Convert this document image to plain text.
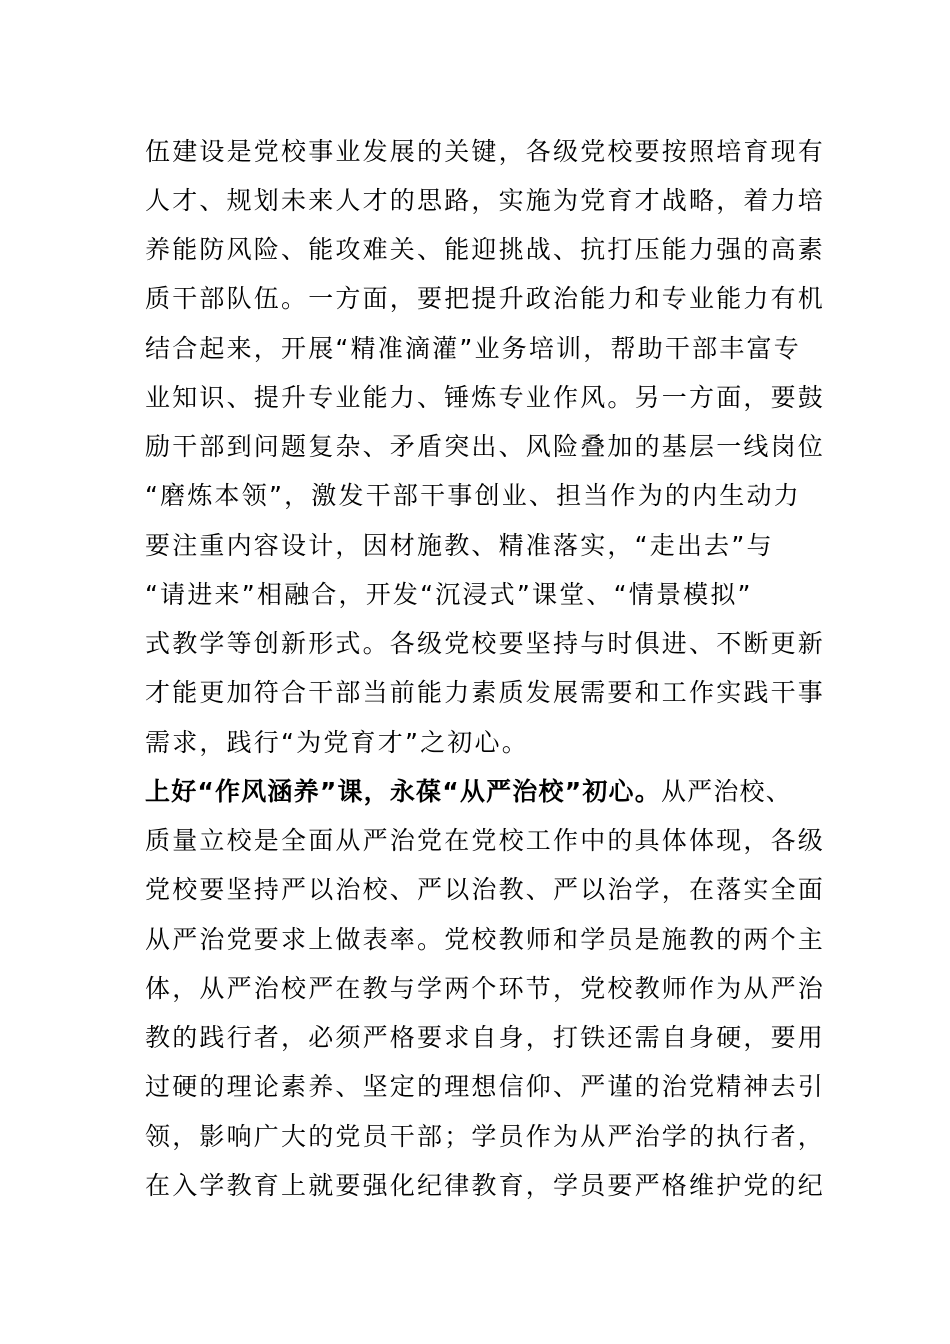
伍建设是党校事业发展的关键，各级党校要按照培育现有
人才、规划未来人才的思路，实施为党育才战略，着力培
养能防风险、能攻难关、能迎挑战、抗打压能力强的高素
质干部队伍。一方面，要把提升政治能力和专业能力有机
结合起来，开展“精准滴灌”业务培训，帮助干部丰富专
业知识、提升专业能力、锤炼专业作风。另一方面，要鼓
励干部到问题复杂、矛盾突出、风险叠加的基层一线岗位
“磨炼本领”，激发干部干事创业、担当作为的内生动力
要注重内容设计，因材施教、精准落实，“走出去”与
“请进来”相融合，开发“沉浸式”课堂、“情景模拟”
式教学等创新形式。各级党校要坚持与时俱进、不断更新
才能更加符合干部当前能力素质发展需要和工作实践干事
需求，践行“为党育才”之初心。
上好“作风涵养”课，永葆“从严治校”初心。从严治校、
质量立校是全面从严治党在党校工作中的具体体现，各级
党校要坚持严以治校、严以治教、严以治学，在落实全面
从严治党要求上做表率。党校教师和学员是施教的两个主
体，从严治校严在教与学两个环节，党校教师作为从严治
教的践行者，必须严格要求自身，打铁还需自身硬，要用
过硬的理论素养、坚定的理想信仰、严谨的治党精神去引
领，影响广大的党员干部；学员作为从严治学的执行者，
在入学教育上就要强化纪律教育，学员要严格维护党的纪
